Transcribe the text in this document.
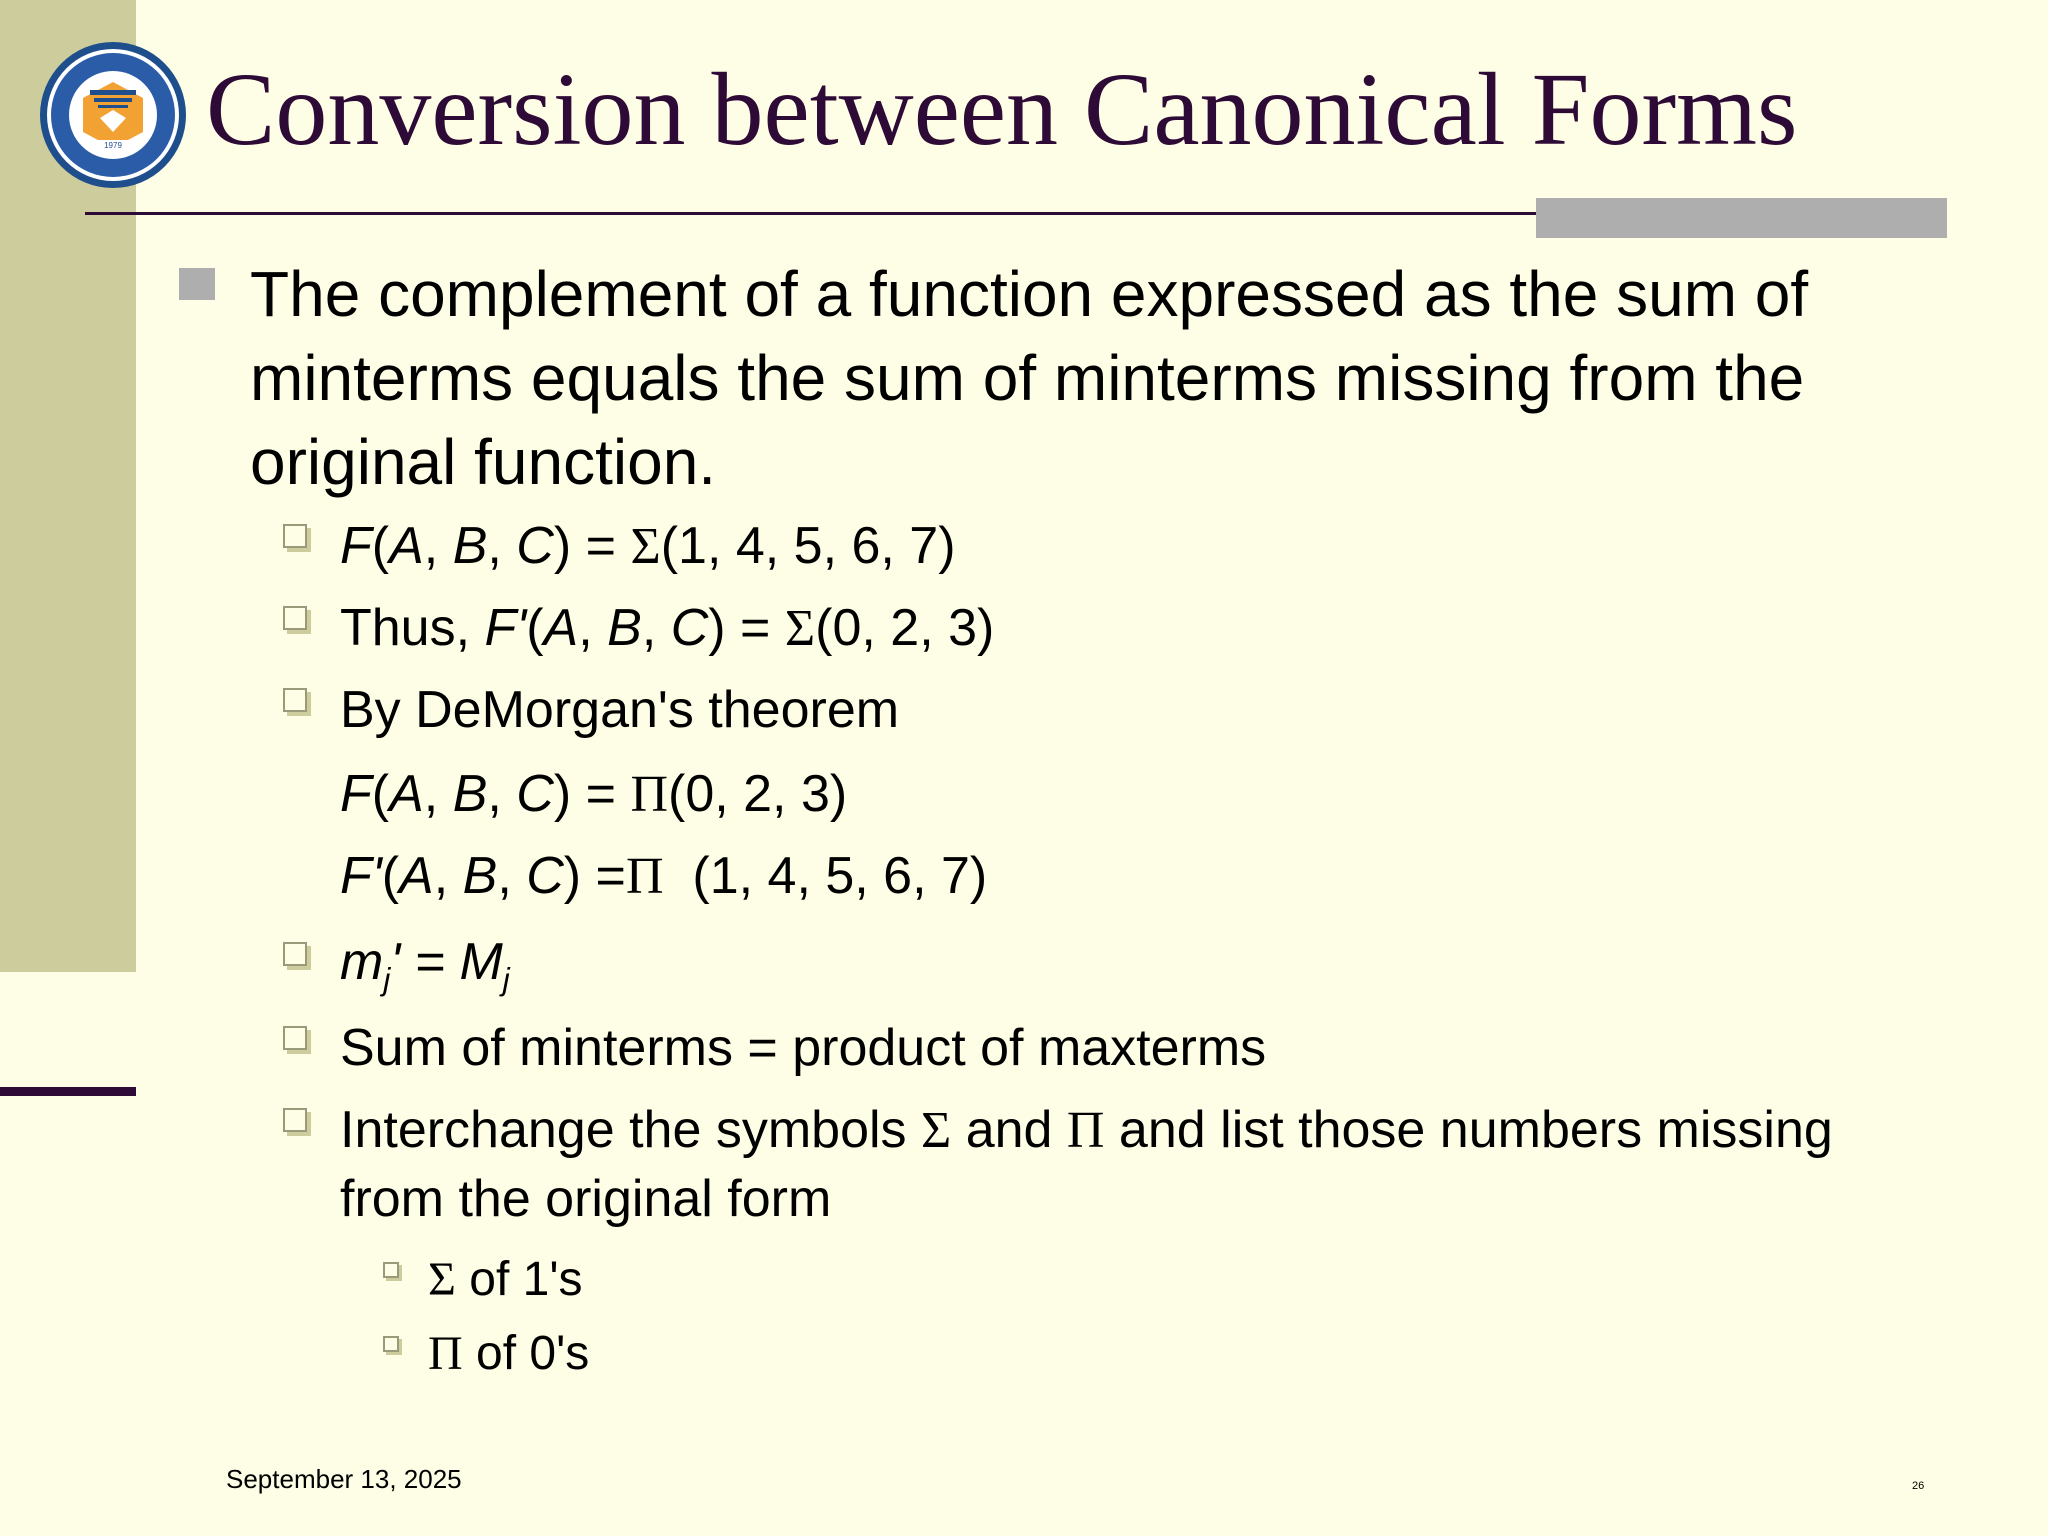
1979 Conversion between Canonical Forms
The complement of a function expressed as the sum of minterms equals the sum of minterms missing from the original function.
F(A, B, C) = Σ(1, 4, 5, 6, 7)
Thus, F'(A, B, C) = Σ(0, 2, 3)
By DeMorgan's theorem
F(A, B, C) = Π(0, 2, 3)
F'(A, B, C) =Π  (1, 4, 5, 6, 7)
$m_j' = M_j$
Sum of minterms = product of maxterms
Interchange the symbols Σ and Π and list those numbers missing from the original form
Σ of 1's
Π of 0's
September 13, 2025	26
